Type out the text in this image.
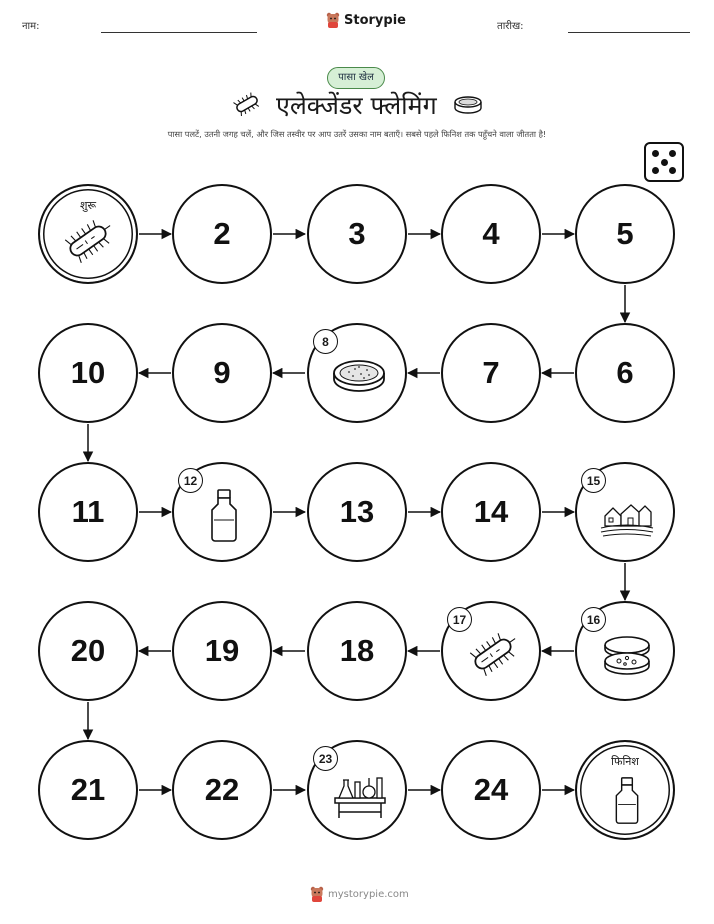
नाम:	Storypie	तारीख:
पासा खेल
एलेक्जेंडर फ्लेमिंग
पासा पलटें, उतनी जगह चलें, और जिस तस्वीर पर आप उतरें उसका नाम बताएँ। सबसे पहले फिनिश तक पहुँचने वाला जीतता है!
शुरू
2	3	4	5
10	9
8
7	6
11
12
13	14
15
20	19	18
17	16
21	22
23
24
फिनिश
mystorypie.com
